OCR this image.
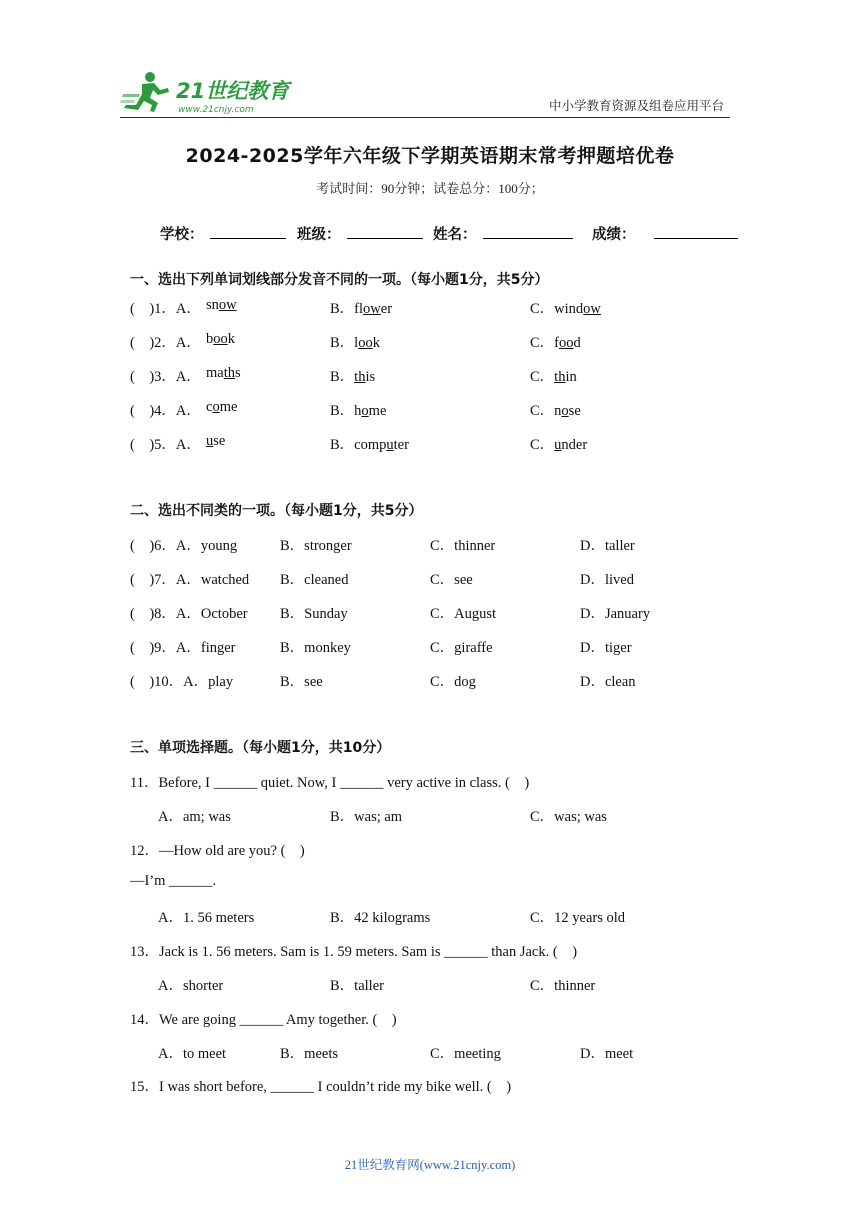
21世纪教育
www.21cnjy.com	中小学教育资源及组卷应用平台
2024-2025学年六年级下学期英语期末常考押题培优卷
考试时间：90分钟；试卷总分：100分；
学校：	班级：	姓名：	成绩：
一、选出下列单词划线部分发音不同的一项。（每小题1分，共5分）
(    )1．A． snow	B．flower	C．window
(    )2．A． book	B．look	C．food
(    )3．A． maths	B．this	C．thin
(    )4．A． come	B．home	C．nose
(    )5．A． use	B．computer	C．under
二、选出不同类的一项。（每小题1分，共5分）
(    )6．A．young	B．stronger	C．thinner	D．taller
(    )7．A．watched B．cleaned	C．see	D．lived
(    )8．A．October B．Sunday	C．August	D．January
(    )9．A．finger	B．monkey	C．giraffe	D．tiger
(    )10．A．play	B．see	C．dog	D．clean
三、单项选择题。（每小题1分，共10分）
11．Before, I ______ quiet. Now, I ______ very active in class. (    )
A．am; was	B．was; am	C．was; was
12．—How old are you? (    )
—I’m ______.
A．1. 56 meters	B．42 kilograms	C．12 years old
13．Jack is 1. 56 meters. Sam is 1. 59 meters. Sam is ______ than Jack. (    )
A．shorter	B．taller	C．thinner
14．We are going ______ Amy together. (    )
A．to meet	B．meets	C．meeting	D．meet
15．I was short before, ______ I couldn’t ride my bike well. (    )
21世纪教育网(www.21cnjy.com)
